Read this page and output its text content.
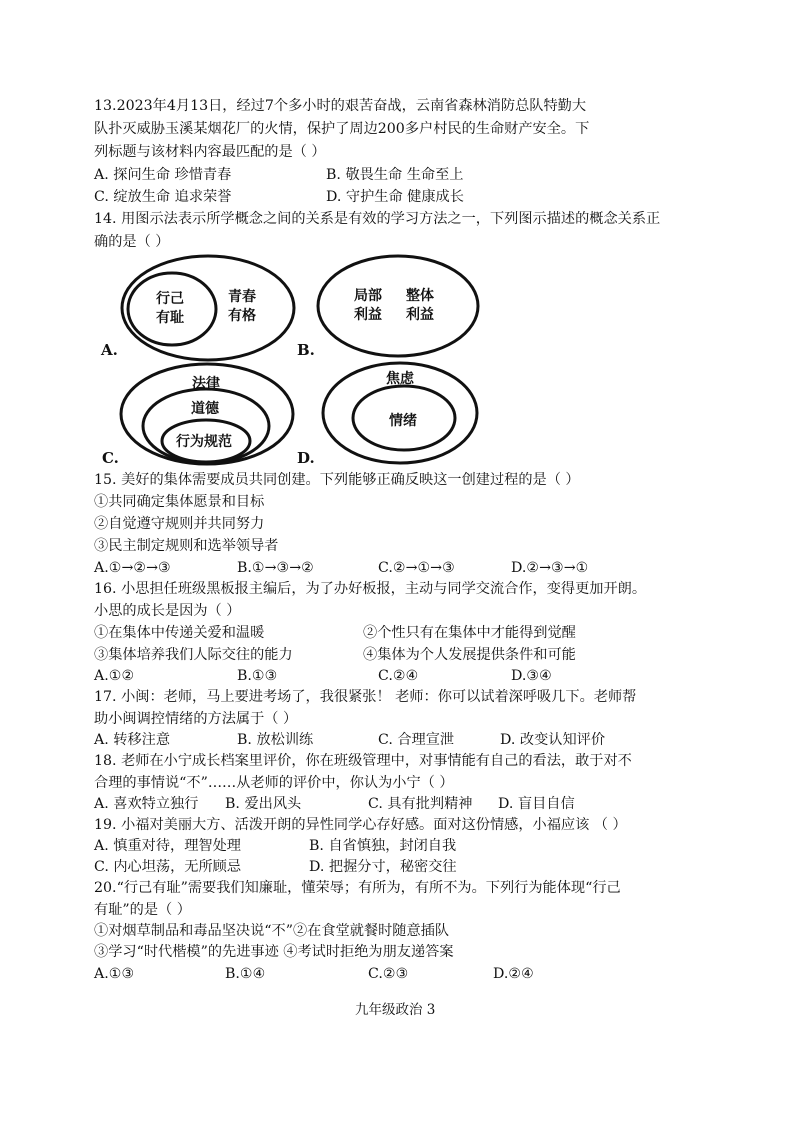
13.2023年4月13日，经过7个多小时的艰苦奋战，云南省森林消防总队特勤大
队扑灭威胁玉溪某烟花厂的火情，保护了周边200多户村民的生命财产安全。下
列标题与该材料内容最匹配的是（ ）
A. 探问生命 珍惜青春	B. 敬畏生命 生命至上
C. 绽放生命 追求荣誉	D. 守护生命 健康成长
14. 用图示法表示所学概念之间的关系是有效的学习方法之一，下列图示描述的概念关系正
确的是（ ）
行己
有耻
青春
有格
A.
局部
利益
整体
利益
B.
法律
道德
行为规范
C.
焦虑
情绪
D.
15. 美好的集体需要成员共同创建。下列能够正确反映这一创建过程的是（ ）
①共同确定集体愿景和目标
②自觉遵守规则并共同努力
③民主制定规则和选举领导者
A.①→②→③	B.①→③→②	C.②→①→③	D.②→③→①
16. 小思担任班级黑板报主编后，为了办好板报，主动与同学交流合作，变得更加开朗。
小思的成长是因为（ ）
①在集体中传递关爱和温暖	②个性只有在集体中才能得到觉醒
③集体培养我们人际交往的能力	④集体为个人发展提供条件和可能
A.①②	B.①③	C.②④	D.③④
17. 小闽：老师，马上要进考场了，我很紧张！ 老师：你可以试着深呼吸几下。老师帮
助小闽调控情绪的方法属于（ ）
A. 转移注意	B. 放松训练	C. 合理宣泄	D. 改变认知评价
18. 老师在小宁成长档案里评价，你在班级管理中，对事情能有自己的看法，敢于对不
合理的事情说“不”……从老师的评价中，你认为小宁（ ）
A. 喜欢特立独行 B. 爱出风头	C. 具有批判精神 D. 盲目自信
19. 小福对美丽大方、活泼开朗的异性同学心存好感。面对这份情感，小福应该 （ ）
A. 慎重对待，理智处理	B. 自省慎独，封闭自我
C. 内心坦荡，无所顾忌	D. 把握分寸，秘密交往
20.“行己有耻”需要我们知廉耻，懂荣辱；有所为，有所不为。下列行为能体现“行己
有耻”的是（ ）
①对烟草制品和毒品坚决说“不”②在食堂就餐时随意插队
③学习“时代楷模”的先进事迹 ④考试时拒绝为朋友递答案
A.①③	B.①④	C.②③	D.②④
九年级政治 3
